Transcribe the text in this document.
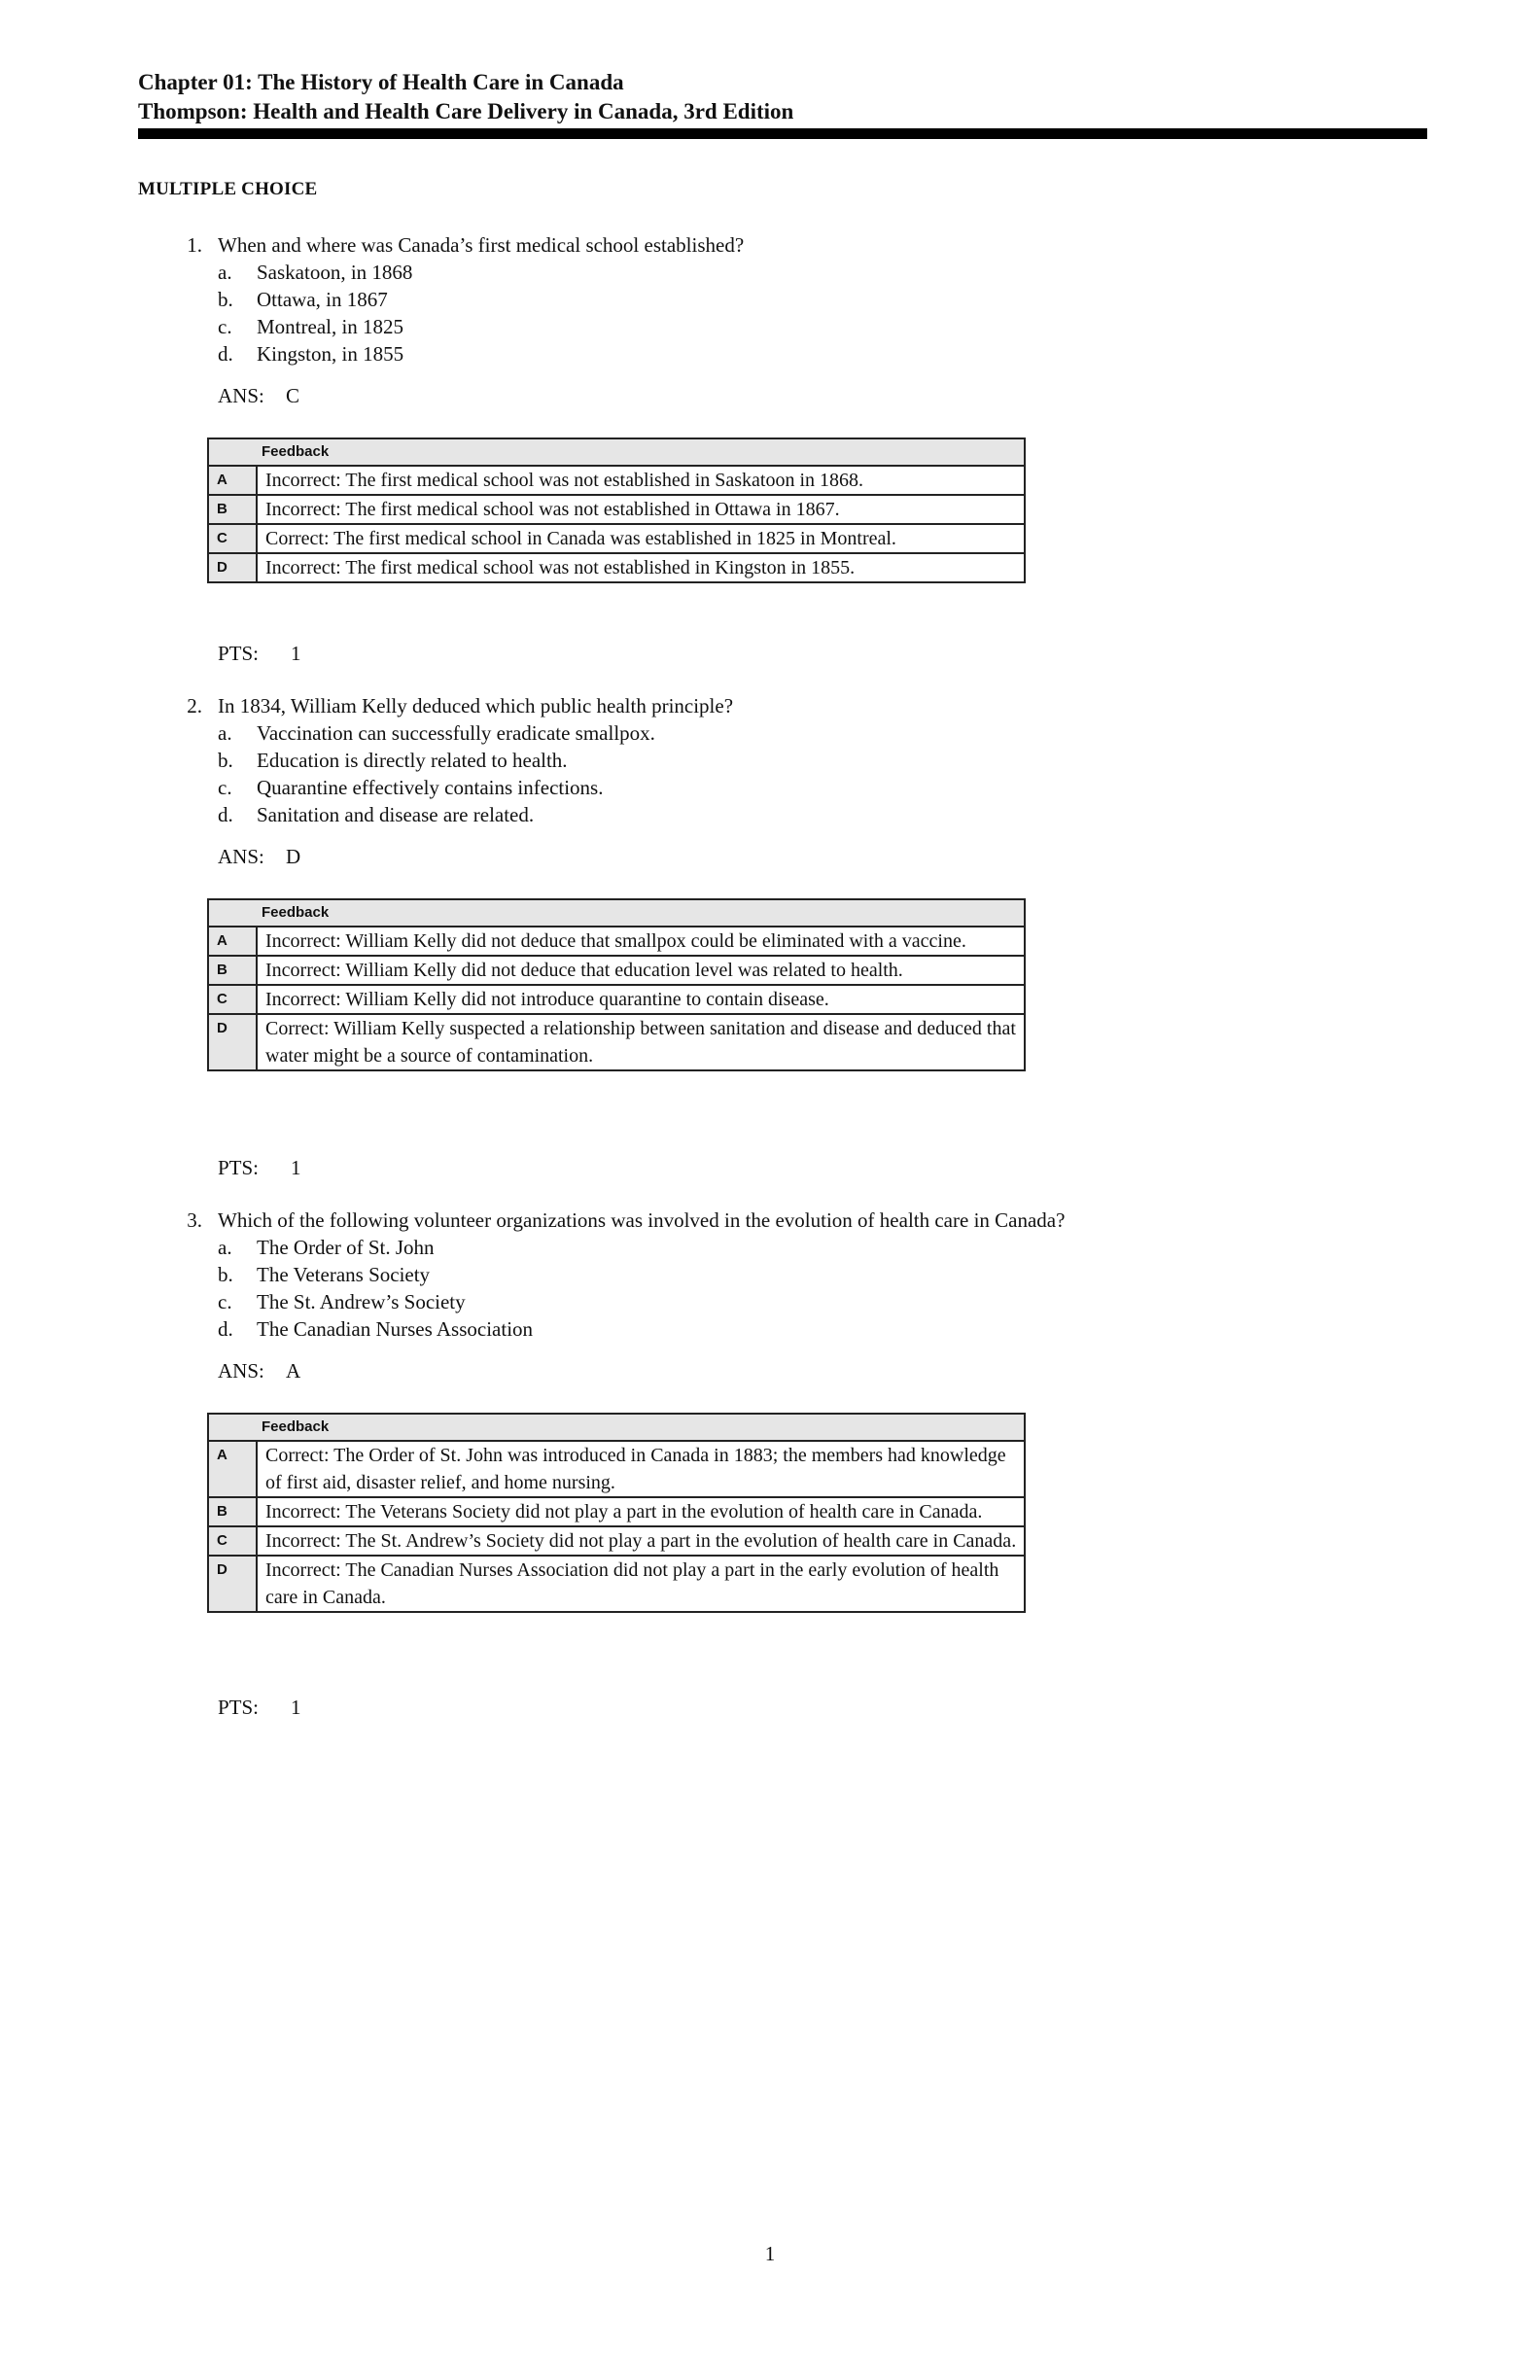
Chapter 01: The History of Health Care in Canada
Thompson: Health and Health Care Delivery in Canada, 3rd Edition
MULTIPLE CHOICE
1. When and where was Canada’s first medical school established?
a. Saskatoon, in 1868
b. Ottawa, in 1867
c. Montreal, in 1825
d. Kingston, in 1855
ANS: C
Feedback	
A	Incorrect: The first medical school was not established in Saskatoon in 1868.
B	Incorrect: The first medical school was not established in Ottawa in 1867.
C	Correct: The first medical school in Canada was established in 1825 in Montreal.
D	Incorrect: The first medical school was not established in Kingston in 1855.
PTS: 1
2. In 1834, William Kelly deduced which public health principle?
a. Vaccination can successfully eradicate smallpox.
b. Education is directly related to health.
c. Quarantine effectively contains infections.
d. Sanitation and disease are related.
ANS: D
Feedback	
A	Incorrect: William Kelly did not deduce that smallpox could be eliminated with a vaccine.
B	Incorrect: William Kelly did not deduce that education level was related to health.
C	Incorrect: William Kelly did not introduce quarantine to contain disease.
D	Correct: William Kelly suspected a relationship between sanitation and disease and deduced that water might be a source of contamination.
PTS: 1
3. Which of the following volunteer organizations was involved in the evolution of health care in Canada?
a. The Order of St. John
b. The Veterans Society
c. The St. Andrew’s Society
d. The Canadian Nurses Association
ANS: A
Feedback	
A	Correct: The Order of St. John was introduced in Canada in 1883; the members had knowledge of first aid, disaster relief, and home nursing.
B	Incorrect: The Veterans Society did not play a part in the evolution of health care in Canada.
C	Incorrect: The St. Andrew’s Society did not play a part in the evolution of health care in Canada.
D	Incorrect: The Canadian Nurses Association did not play a part in the early evolution of health care in Canada.
PTS: 1
1
